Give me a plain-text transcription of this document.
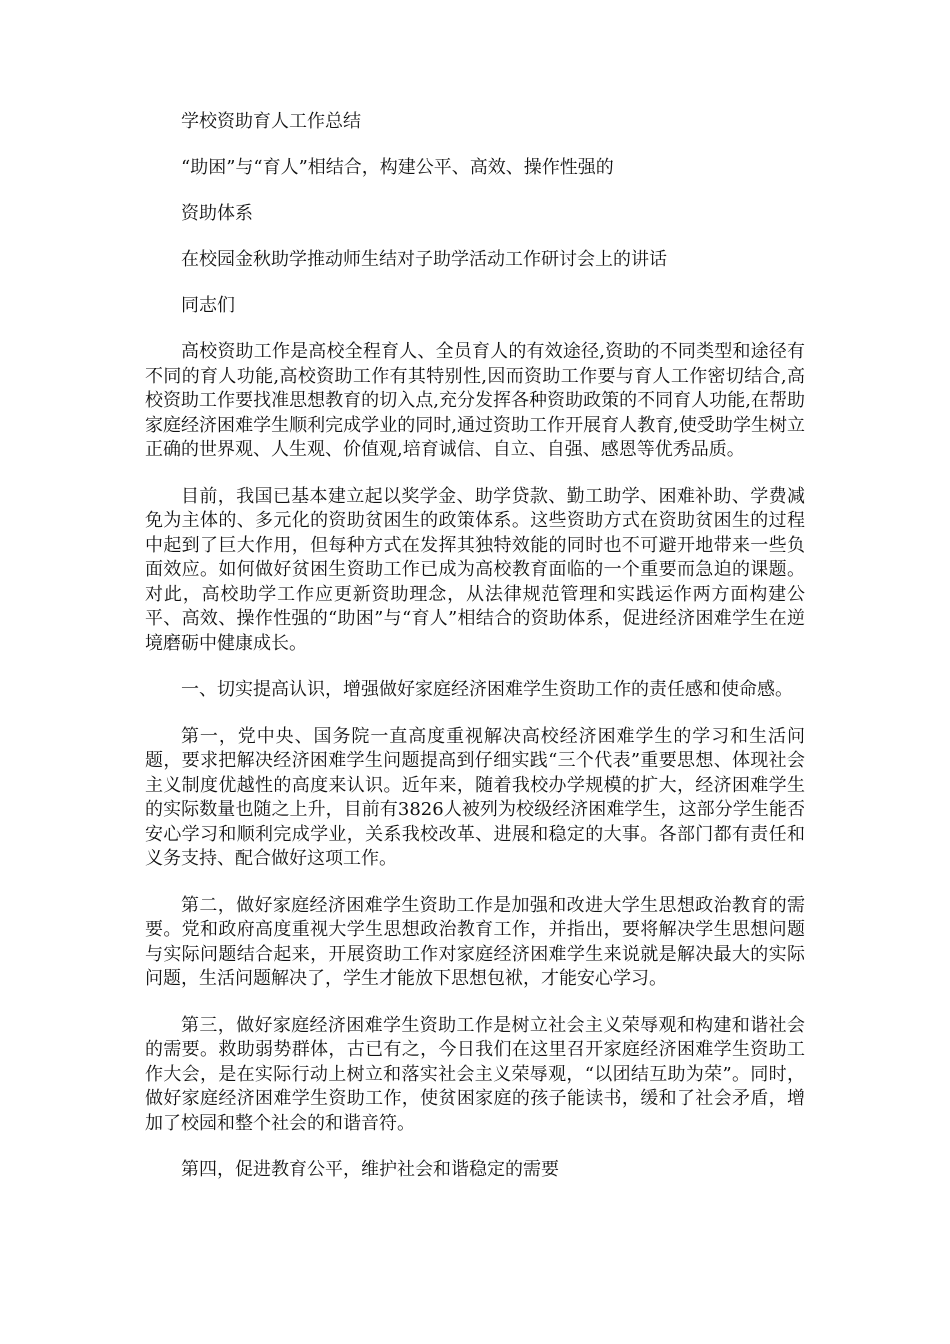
学校资助育人工作总结
“助困”与“育人”相结合，构建公平、高效、操作性强的
资助体系
在校园金秋助学推动师生结对子助学活动工作研讨会上的讲话
同志们

高校资助工作是高校全程育人、全员育人的有效途径,资助的不同类型和途径有不同的育人功能,高校资助工作有其特别性,因而资助工作要与育人工作密切结合,高校资助工作要找准思想教育的切入点,充分发挥各种资助政策的不同育人功能,在帮助家庭经济困难学生顺利完成学业的同时,通过资助工作开展育人教育,使受助学生树立正确的世界观、人生观、价值观,培育诚信、自立、自强、感恩等优秀品质。

目前，我国已基本建立起以奖学金、助学贷款、勤工助学、困难补助、学费减免为主体的、多元化的资助贫困生的政策体系。这些资助方式在资助贫困生的过程中起到了巨大作用，但每种方式在发挥其独特效能的同时也不可避开地带来一些负面效应。如何做好贫困生资助工作已成为高校教育面临的一个重要而急迫的课题。对此，高校助学工作应更新资助理念，从法律规范管理和实践运作两方面构建公平、高效、操作性强的“助困”与“育人”相结合的资助体系，促进经济困难学生在逆境磨砺中健康成长。

一、切实提高认识，增强做好家庭经济困难学生资助工作的责任感和使命感。

第一，党中央、国务院一直高度重视解决高校经济困难学生的学习和生活问题，要求把解决经济困难学生问题提高到仔细实践“三个代表”重要思想、体现社会主义制度优越性的高度来认识。近年来，随着我校办学规模的扩大，经济困难学生的实际数量也随之上升，目前有3826人被列为校级经济困难学生，这部分学生能否安心学习和顺利完成学业，关系我校改革、进展和稳定的大事。各部门都有责任和义务支持、配合做好这项工作。

第二，做好家庭经济困难学生资助工作是加强和改进大学生思想政治教育的需要。党和政府高度重视大学生思想政治教育工作，并指出，要将解决学生思想问题与实际问题结合起来，开展资助工作对家庭经济困难学生来说就是解决最大的实际问题，生活问题解决了，学生才能放下思想包袱，才能安心学习。

第三，做好家庭经济困难学生资助工作是树立社会主义荣辱观和构建和谐社会的需要。救助弱势群体，古已有之，今日我们在这里召开家庭经济困难学生资助工作大会，是在实际行动上树立和落实社会主义荣辱观，“以团结互助为荣”。同时，做好家庭经济困难学生资助工作，使贫困家庭的孩子能读书，缓和了社会矛盾，增加了校园和整个社会的和谐音符。

第四，促进教育公平，维护社会和谐稳定的需要
